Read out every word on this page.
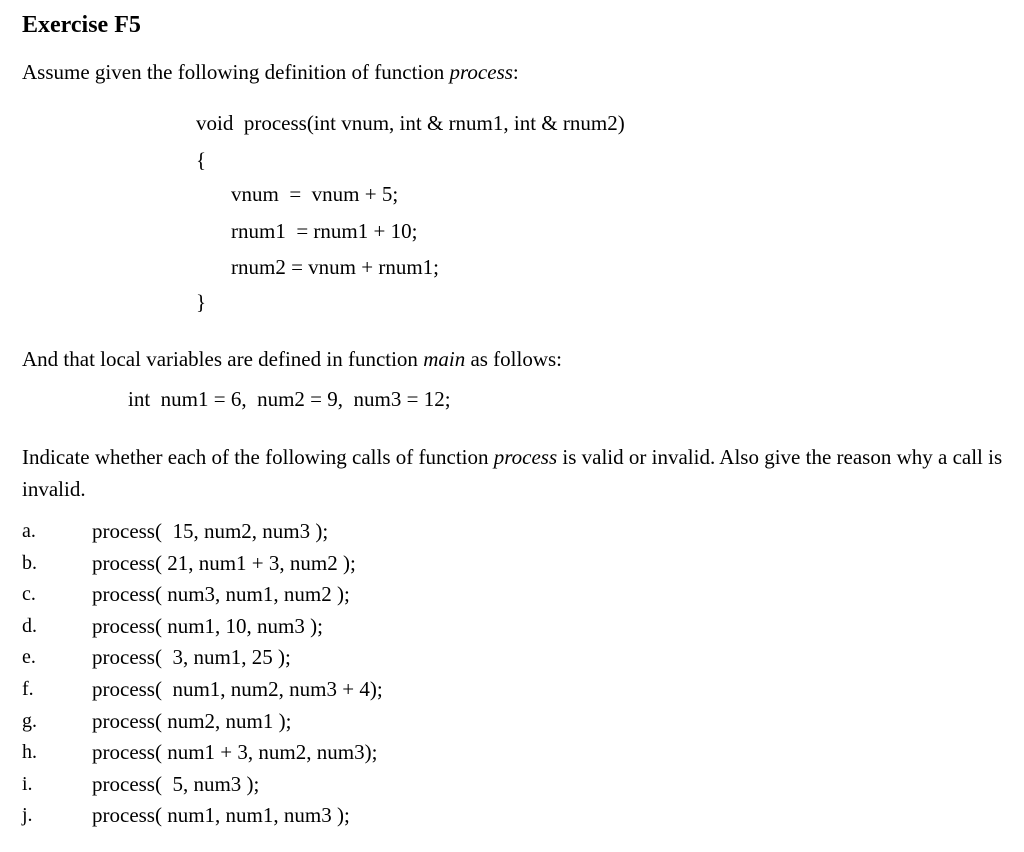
Exercise F5
Assume given the following definition of function process:
void  process(int vnum, int & rnum1, int & rnum2)
{
vnum  =  vnum + 5;
rnum1  = rnum1 + 10;
rnum2 = vnum + rnum1;
}
And that local variables are defined in function main as follows:
int  num1 = 6,  num2 = 9,  num3 = 12;
Indicate whether each of the following calls of function process is valid or invalid. Also give the reason why a call is invalid.
a.	process(  15, num2, num3 );
b.	process( 21, num1 + 3, num2 );
c.	process( num3, num1, num2 );
d.	process( num1, 10, num3 );
e.	process(  3, num1, 25 );
f.	process(  num1, num2, num3 + 4);
g.	process( num2, num1 );
h.	process( num1 + 3, num2, num3);
i.	process(  5, num3 );
j.	process( num1, num1, num3 );
